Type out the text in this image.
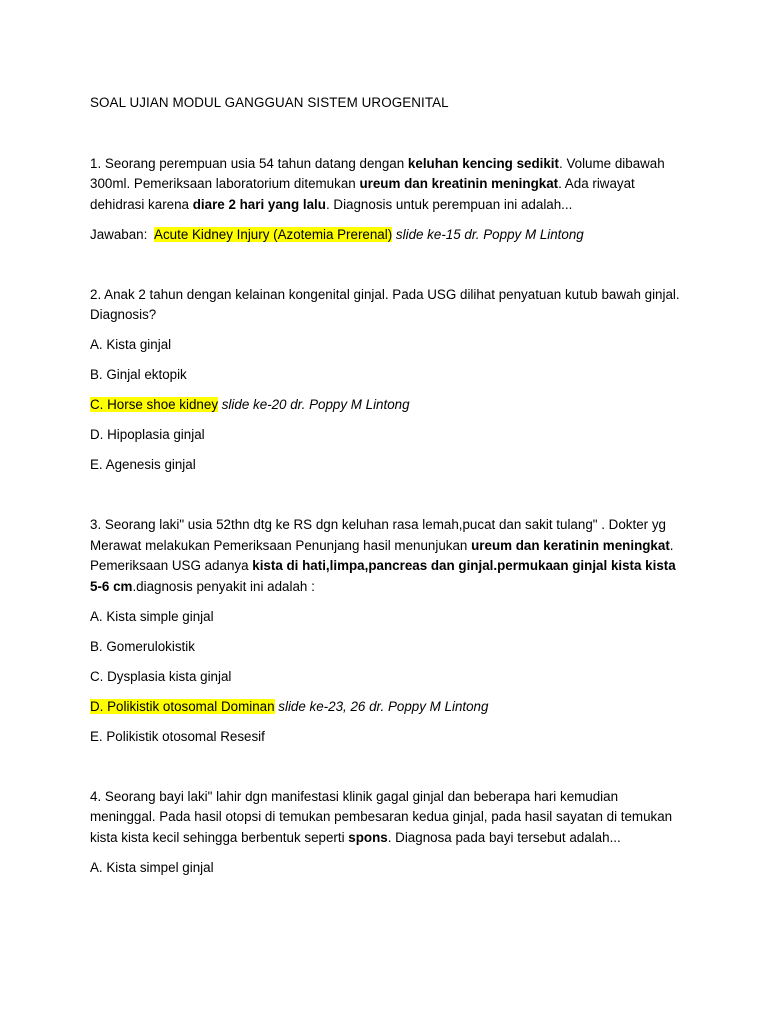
SOAL UJIAN MODUL GANGGUAN SISTEM UROGENITAL

1. Seorang perempuan usia 54 tahun datang dengan keluhan kencing sedikit. Volume dibawah 300ml. Pemeriksaan laboratorium ditemukan ureum dan kreatinin meningkat. Ada riwayat dehidrasi karena diare 2 hari yang lalu. Diagnosis untuk perempuan ini adalah...

Jawaban:  Acute Kidney Injury (Azotemia Prerenal) slide ke-15 dr. Poppy M Lintong

2. Anak 2 tahun dengan kelainan kongenital ginjal. Pada USG dilihat penyatuan kutub bawah ginjal. Diagnosis?

A. Kista ginjal

B. Ginjal ektopik

C. Horse shoe kidney slide ke-20 dr. Poppy M Lintong

D. Hipoplasia ginjal

E. Agenesis ginjal

3. Seorang laki" usia 52thn dtg ke RS dgn keluhan rasa lemah,pucat dan sakit tulang" . Dokter yg Merawat melakukan Pemeriksaan Penunjang hasil menunjukan ureum dan keratinin meningkat. Pemeriksaan USG adanya kista di hati,limpa,pancreas dan ginjal.permukaan ginjal kista kista 5-6 cm.diagnosis penyakit ini adalah :

A. Kista simple ginjal

B. Gomerulokistik

C. Dysplasia kista ginjal

D. Polikistik otosomal Dominan slide ke-23, 26 dr. Poppy M Lintong

E. Polikistik otosomal Resesif

4. Seorang bayi laki" lahir dgn manifestasi klinik gagal ginjal dan beberapa hari kemudian meninggal. Pada hasil otopsi di temukan pembesaran kedua ginjal, pada hasil sayatan di temukan kista kista kecil sehingga berbentuk seperti spons. Diagnosa pada bayi tersebut adalah...

A. Kista simpel ginjal
